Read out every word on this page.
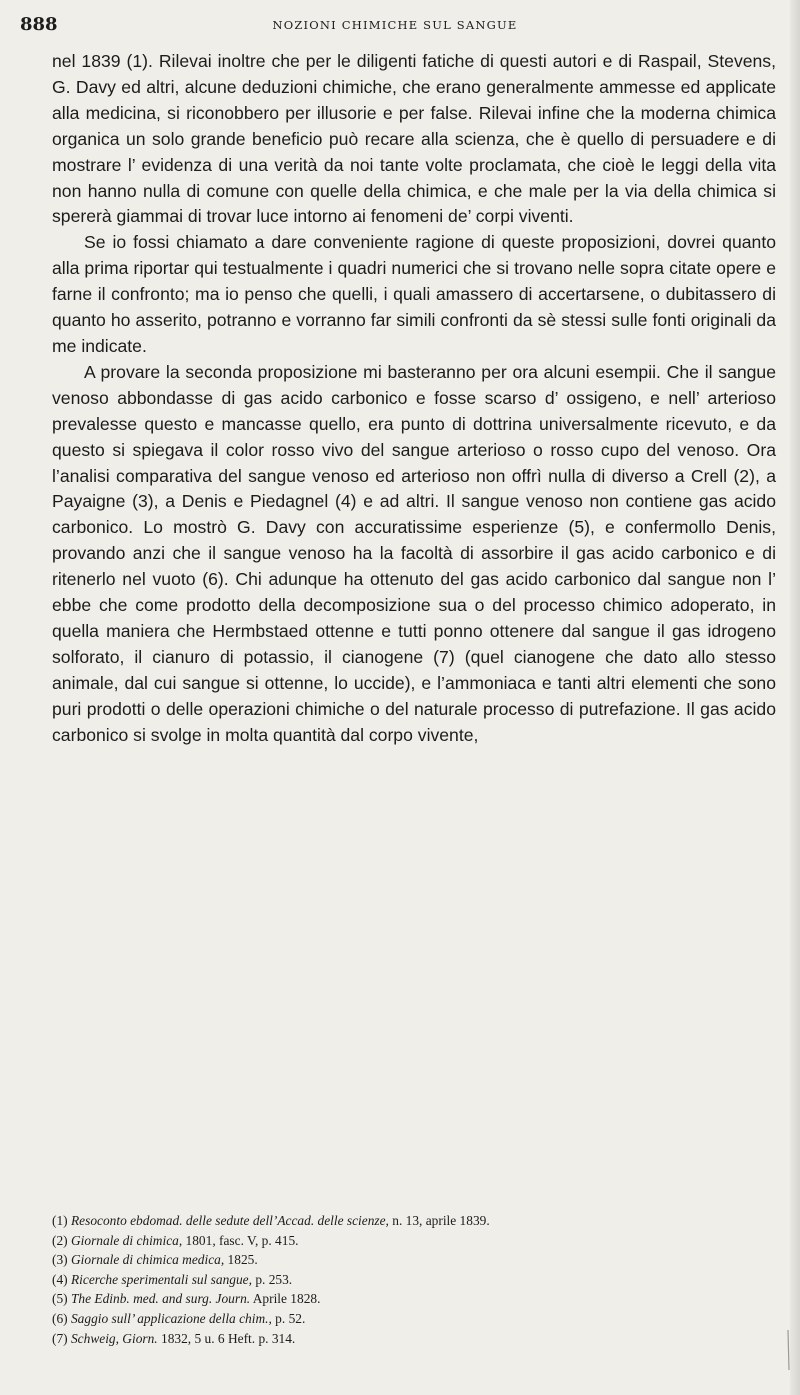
888	NOZIONI CHIMICHE SUL SANGUE

nel 1839 (1). Rilevai inoltre che per le diligenti fatiche di questi autori e di Raspail, Stevens, G. Davy ed altri, alcune deduzioni chimiche, che erano generalmente ammesse ed applicate alla medicina, si riconobbero per illusorie e per false. Rilevai infine che la moderna chimica organica un solo grande beneficio può recare alla scienza, che è quello di persuadere e di mostrare l’ evidenza di una verità da noi tante volte proclamata, che cioè le leggi della vita non hanno nulla di comune con quelle della chimica, e che male per la via della chimica si spererà giammai di trovar luce intorno ai fenomeni de’ corpi viventi.

Se io fossi chiamato a dare conveniente ragione di queste proposizioni, dovrei quanto alla prima riportar qui testualmente i quadri numerici che si trovano nelle sopra citate opere e farne il confronto; ma io penso che quelli, i quali amassero di accertarsene, o dubitassero di quanto ho asserito, potranno e vorranno far simili confronti da sè stessi sulle fonti originali da me indicate.

A provare la seconda proposizione mi basteranno per ora alcuni esempii. Che il sangue venoso abbondasse di gas acido carbonico e fosse scarso d’ ossigeno, e nell’ arterioso prevalesse questo e mancasse quello, era punto di dottrina universalmente ricevuto, e da questo si spiegava il color rosso vivo del sangue arterioso o rosso cupo del venoso. Ora l’analisi comparativa del sangue venoso ed arterioso non offrì nulla di diverso a Crell (2), a Payaigne (3), a Denis e Piedagnel (4) e ad altri. Il sangue venoso non contiene gas acido carbonico. Lo mostrò G. Davy con accuratissime esperienze (5), e confermollo Denis, provando anzi che il sangue venoso ha la facoltà di assorbire il gas acido carbonico e di ritenerlo nel vuoto (6). Chi adunque ha ottenuto del gas acido carbonico dal sangue non l’ ebbe che come prodotto della decomposizione sua o del processo chimico adoperato, in quella maniera che Hermbstaed ottenne e tutti ponno ottenere dal sangue il gas idrogeno solforato, il cianuro di potassio, il cianogene (7) (quel cianogene che dato allo stesso animale, dal cui sangue si ottenne, lo uccide), e l’ammoniaca e tanti altri elementi che sono puri prodotti o delle operazioni chimiche o del naturale processo di putrefazione. Il gas acido carbonico si svolge in molta quantità dal corpo vivente,

(1) Resoconto ebdomad. delle sedute dell’Accad. delle scienze, n. 13, aprile 1839.
(2) Giornale di chimica, 1801, fasc. V, p. 415.
(3) Giornale di chimica medica, 1825.
(4) Ricerche sperimentali sul sangue, p. 253.
(5) The Edinb. med. and surg. Journ. Aprile 1828.
(6) Saggio sull’ applicazione della chim., p. 52.
(7) Schweig, Giorn. 1832, 5 u. 6 Heft. p. 314.
